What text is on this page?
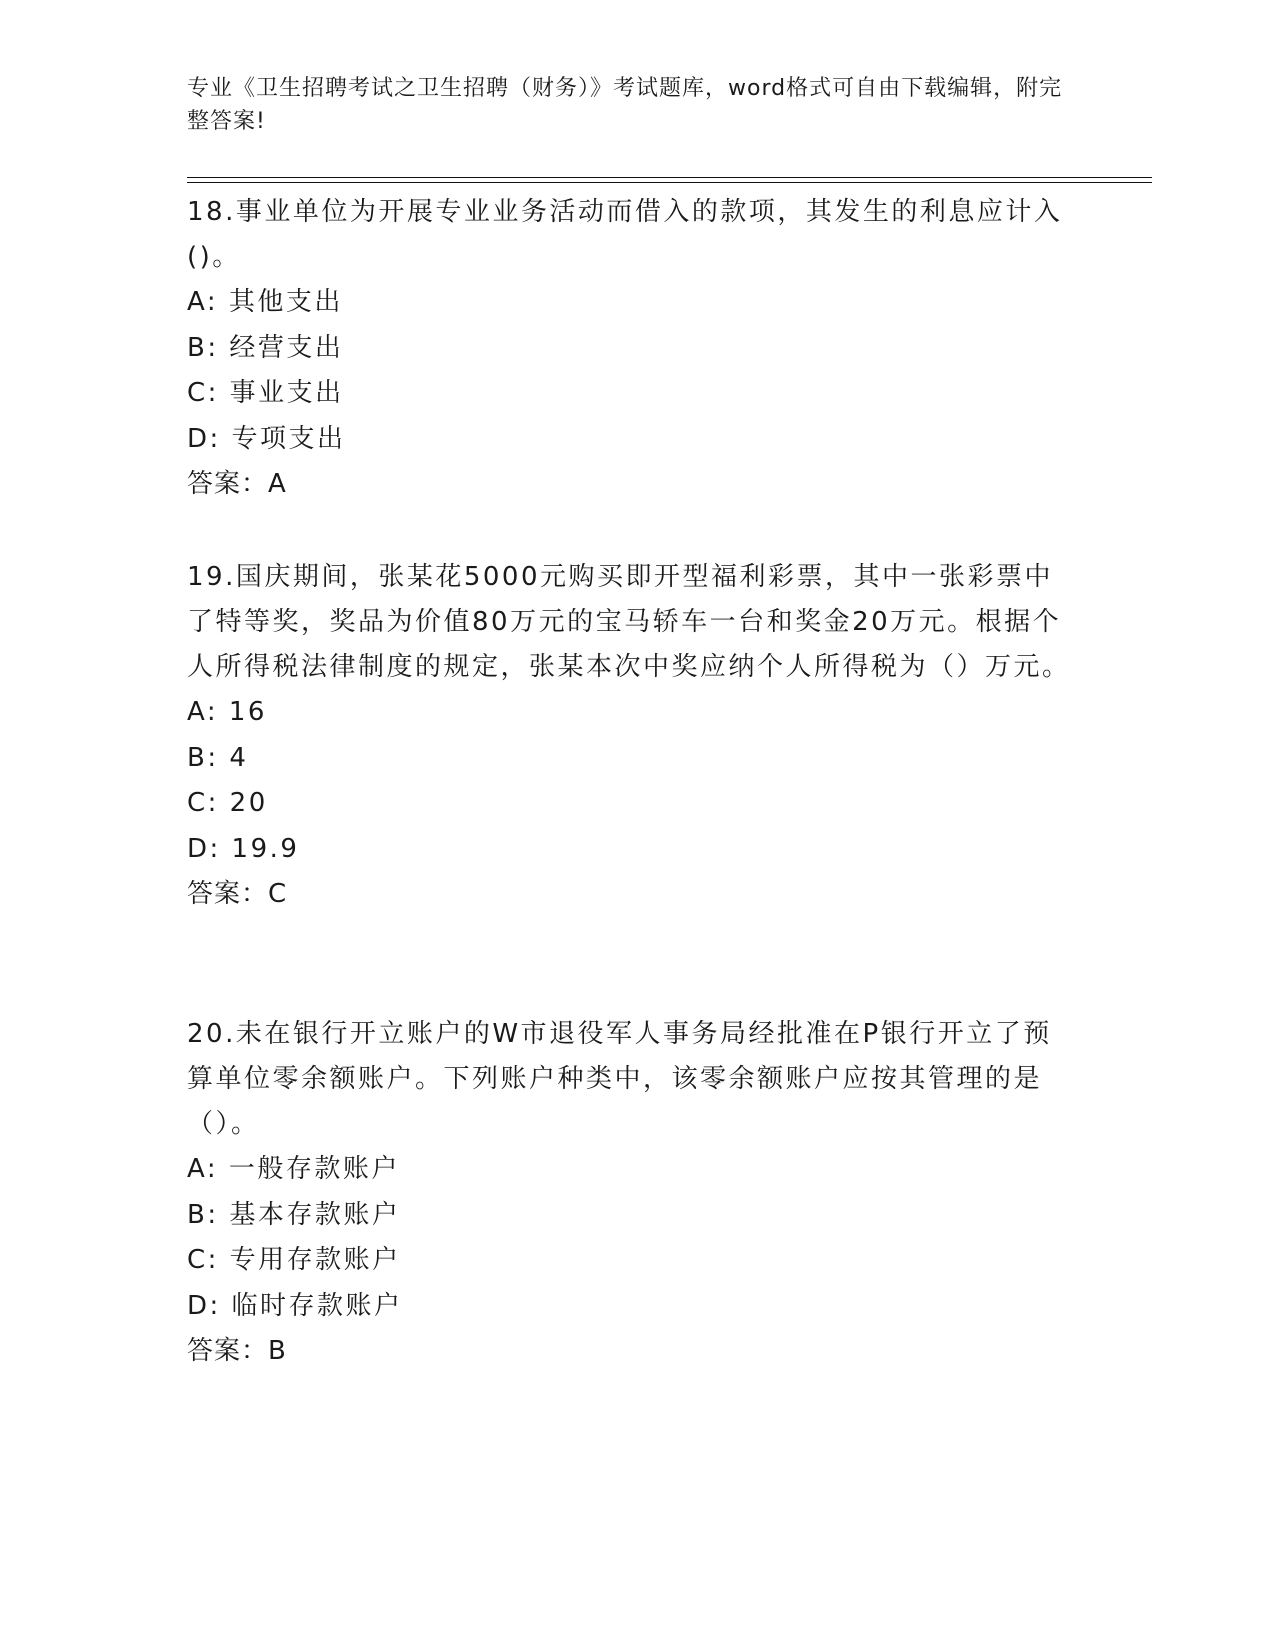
专业《卫生招聘考试之卫生招聘（财务）》考试题库，word格式可自由下载编辑，附完整答案!

18.事业单位为开展专业业务活动而借入的款项，其发生的利息应计入()。

A: 其他支出

B: 经营支出

C: 事业支出

D: 专项支出

答案：A

19.国庆期间，张某花5000元购买即开型福利彩票，其中一张彩票中了特等奖，奖品为价值80万元的宝马轿车一台和奖金20万元。根据个人所得税法律制度的规定，张某本次中奖应纳个人所得税为（）万元。

A: 16

B: 4

C: 20

D: 19.9

答案：C

20.未在银行开立账户的W市退役军人事务局经批准在P银行开立了预算单位零余额账户。下列账户种类中，该零余额账户应按其管理的是（）。

A: 一般存款账户

B: 基本存款账户

C: 专用存款账户

D: 临时存款账户

答案：B
